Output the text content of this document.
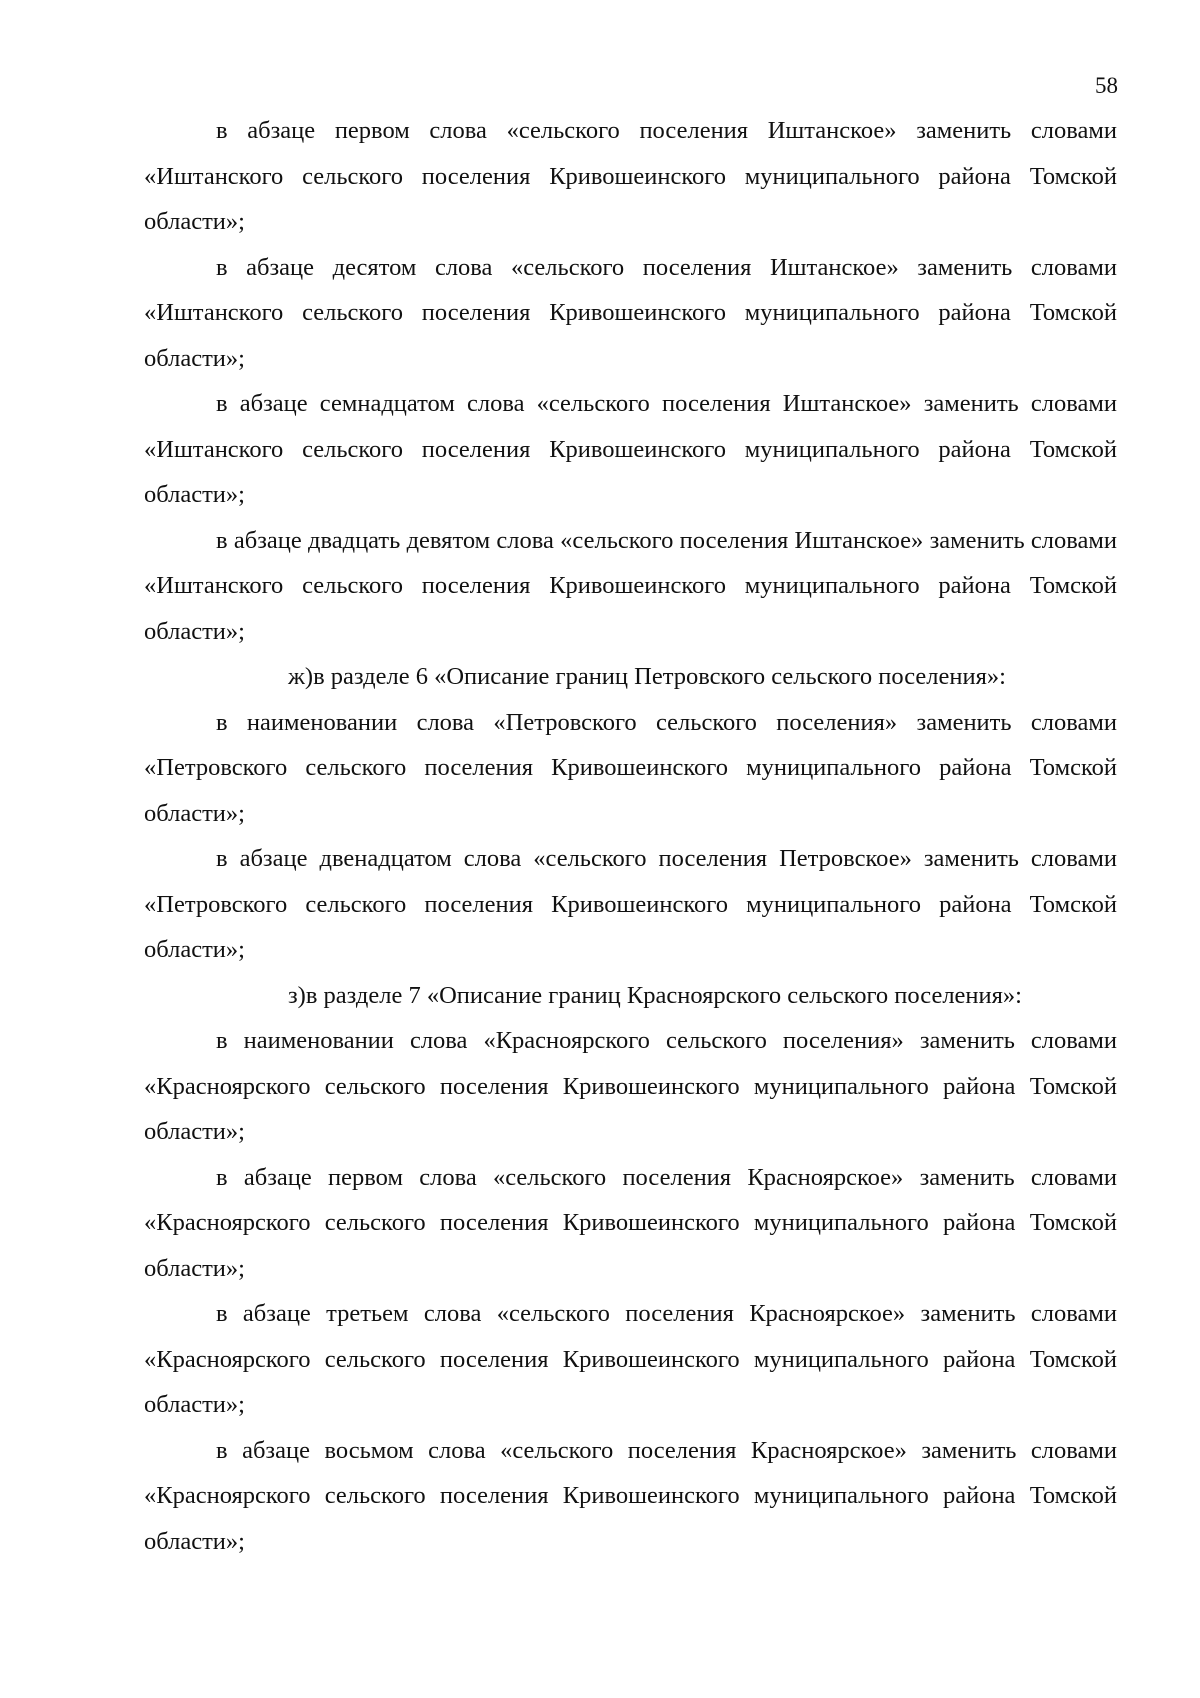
58

в абзаце первом слова «сельского поселения Иштанское» заменить словами «Иштанского сельского поселения Кривошеинского муниципального района Томской области»;

в абзаце десятом слова «сельского поселения Иштанское» заменить словами «Иштанского сельского поселения Кривошеинского муниципального района Томской области»;

в абзаце семнадцатом слова «сельского поселения Иштанское» заменить словами «Иштанского сельского поселения Кривошеинского муниципального района Томской области»;

в абзаце двадцать девятом слова «сельского поселения Иштанское» заменить словами «Иштанского сельского поселения Кривошеинского муниципального района Томской области»;

ж)в разделе 6 «Описание границ Петровского сельского поселения»:

в наименовании слова «Петровского сельского поселения» заменить словами «Петровского сельского поселения Кривошеинского муниципального района Томской области»;

в абзаце двенадцатом слова «сельского поселения Петровское» заменить словами «Петровского сельского поселения Кривошеинского муниципального района Томской области»;

з)в разделе 7 «Описание границ Красноярского сельского поселения»:

в наименовании слова «Красноярского сельского поселения» заменить словами «Красноярского сельского поселения Кривошеинского муниципального района Томской области»;

в абзаце первом слова «сельского поселения Красноярское» заменить словами «Красноярского сельского поселения Кривошеинского муниципального района Томской области»;

в абзаце третьем слова «сельского поселения Красноярское» заменить словами «Красноярского сельского поселения Кривошеинского муниципального района Томской области»;

в абзаце восьмом слова «сельского поселения Красноярское» заменить словами «Красноярского сельского поселения Кривошеинского муниципального района Томской области»;
